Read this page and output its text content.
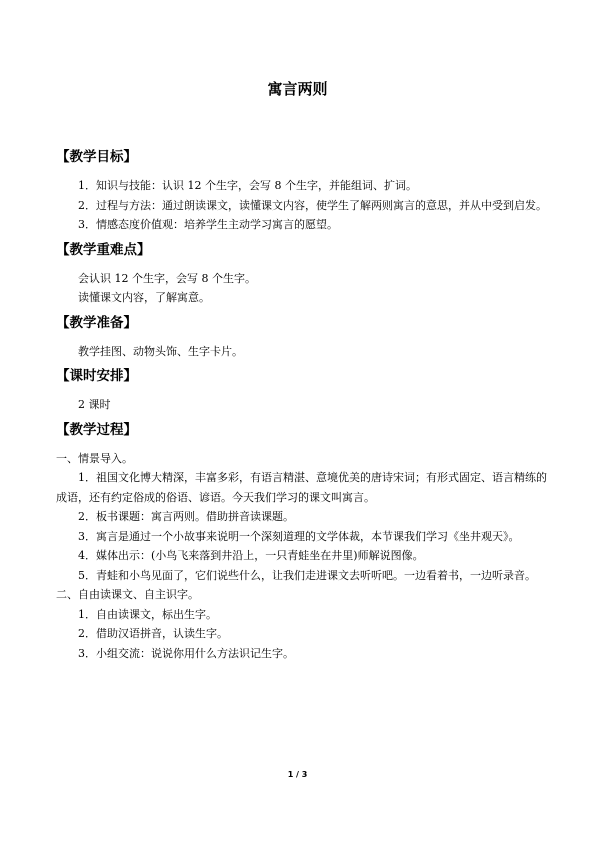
寓言两则
【教学目标】

1．知识与技能：认识 12 个生字，会写 8 个生字，并能组词、扩词。

2．过程与方法：通过朗读课文，读懂课文内容，使学生了解两则寓言的意思，并从中受到启发。

3．情感态度价值观：培养学生主动学习寓言的愿望。

【教学重难点】

会认识 12 个生字，会写 8 个生字。

读懂课文内容，了解寓意。

【教学准备】

教学挂图、动物头饰、生字卡片。

【课时安排】

2 课时

【教学过程】

一、情景导入。

1．祖国文化博大精深，丰富多彩，有语言精湛、意境优美的唐诗宋词；有形式固定、语言精练的成语，还有约定俗成的俗语、谚语。今天我们学习的课文叫寓言。

2．板书课题：寓言两则。借助拼音读课题。

3．寓言是通过一个小故事来说明一个深刻道理的文学体裁，本节课我们学习《坐井观天》。

4．媒体出示：(小鸟飞来落到井沿上，一只青蛙坐在井里)师解说图像。

5．青蛙和小鸟见面了，它们说些什么，让我们走进课文去听听吧。一边看着书，一边听录音。

二、自由读课文、自主识字。

1．自由读课文，标出生字。

2．借助汉语拼音，认读生字。

3．小组交流：说说你用什么方法识记生字。

1 / 3
